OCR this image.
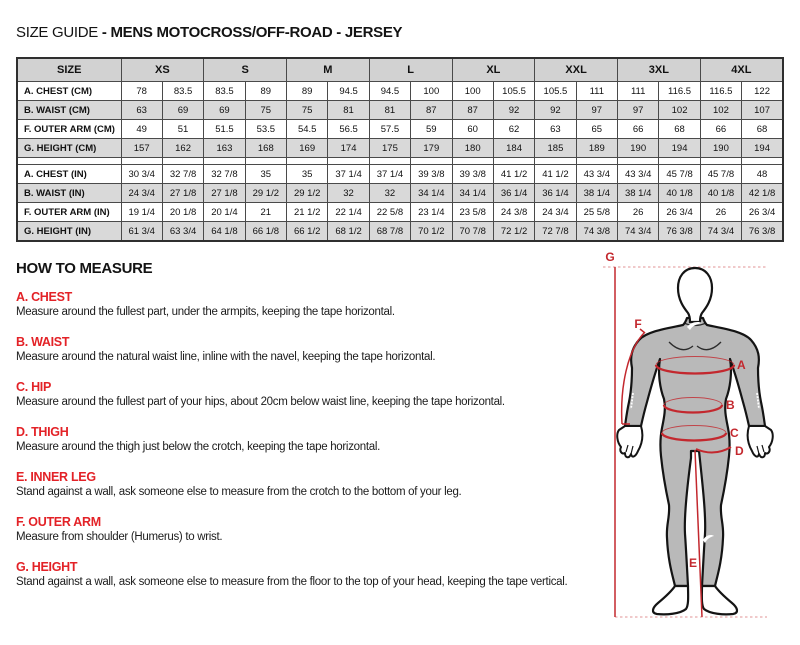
SIZE GUIDE - MENS MOTOCROSS/OFF-ROAD - JERSEY
SIZE	XS		S		M		L		XL		XXL		3XL		4XL	
A. CHEST (CM)	78	83.5	83.5	89	89	94.5	94.5	100	100	105.5	105.5	111	111	116.5	116.5	122
B. WAIST (CM)	63	69	69	75	75	81	81	87	87	92	92	97	97	102	102	107
F. OUTER ARM (CM)	49	51	51.5	53.5	54.5	56.5	57.5	59	60	62	63	65	66	68	66	68
G. HEIGHT (CM)	157	162	163	168	169	174	175	179	180	184	185	189	190	194	190	194

A. CHEST (IN)	30 3/4	32 7/8	32 7/8	35	35	37 1/4	37 1/4	39 3/8	39 3/8	41 1/2	41 1/2	43 3/4	43 3/4	45 7/8	45 7/8	48
B. WAIST (IN)	24 3/4	27 1/8	27 1/8	29 1/2	29 1/2	32	32	34 1/4	34 1/4	36 1/4	36 1/4	38 1/4	38 1/4	40 1/8	40 1/8	42 1/8
F. OUTER ARM (IN)	19 1/4	20 1/8	20 1/4	21	21 1/2	22 1/4	22 5/8	23 1/4	23 5/8	24 3/8	24 3/4	25 5/8	26	26 3/4	26	26 3/4
G. HEIGHT (IN)	61 3/4	63 3/4	64 1/8	66 1/8	66 1/2	68 1/2	68 7/8	70 1/2	70 7/8	72 1/2	72 7/8	74 3/8	74 3/4	76 3/8	74 3/4	76 3/8
HOW TO MEASURE
A. CHEST
Measure around the fullest part, under the armpits, keeping the tape horizontal.
B. WAIST
Measure around the natural waist line, inline with the navel, keeping the tape horizontal.
C. HIP
Measure around the fullest part of your hips, about 20cm below waist line, keeping the tape horizontal.
D. THIGH
Measure around the thigh just below the crotch, keeping the tape horizontal.
E. INNER LEG
Stand against a wall, ask someone else to measure from the crotch to the bottom of your leg.
F. OUTER ARM
Measure from shoulder (Humerus) to wrist.
G. HEIGHT
Stand against a wall, ask someone else to measure from the floor to the top of your head, keeping the tape vertical.
A
B
C
D
E
F
G
